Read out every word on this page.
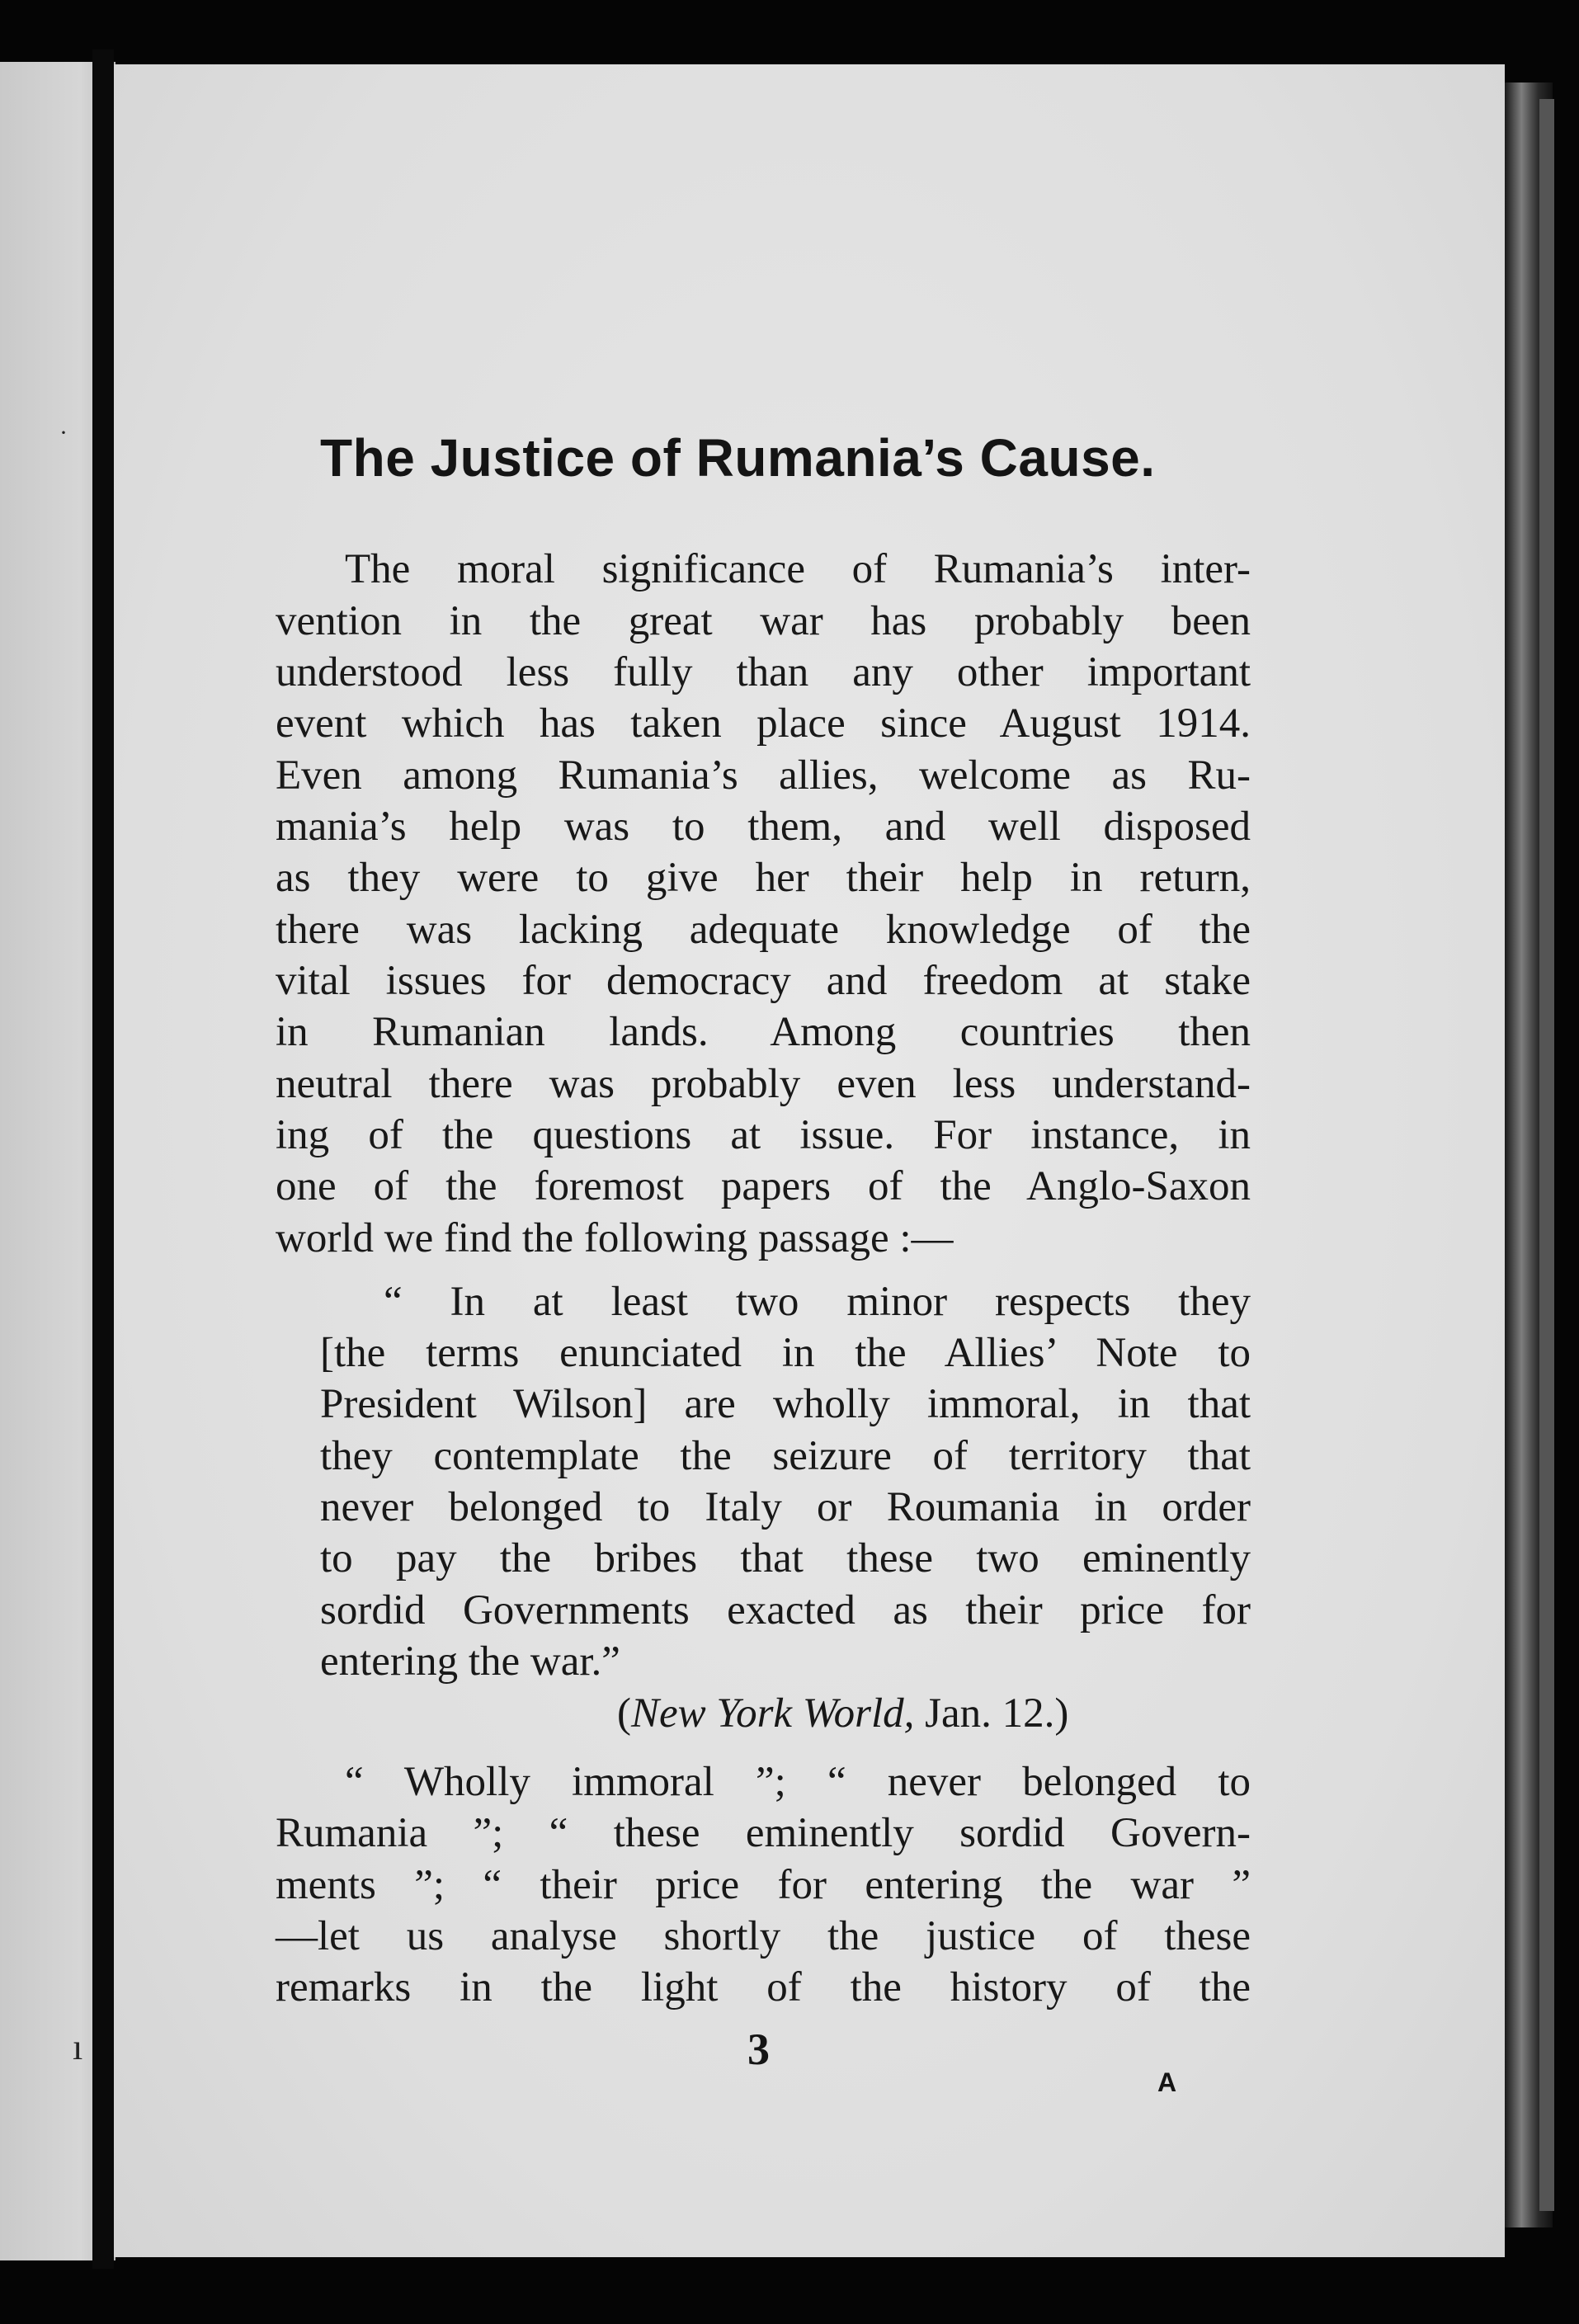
·
ı
The Justice of Rumania’s Cause.
The moral significance of Rumania’s inter-
vention in the great war has probably been
understood less fully than any other important
event which has taken place since August 1914.
Even among Rumania’s allies, welcome as Ru-
mania’s help was to them, and well disposed
as they were to give her their help in return,
there was lacking adequate knowledge of the
vital issues for democracy and freedom at stake
in Rumanian lands. Among countries then
neutral there was probably even less understand-
ing of the questions at issue. For instance, in
one of the foremost papers of the Anglo-Saxon
world we find the following passage :—
“ In at least two minor respects they
[the terms enunciated in the Allies’ Note to
President Wilson] are wholly immoral, in that
they contemplate the seizure of territory that
never belonged to Italy or Roumania in order
to pay the bribes that these two eminently
sordid Governments exacted as their price for
entering the war.”
(New York World, Jan. 12.)
“ Wholly immoral ”; “ never belonged to
Rumania ”; “ these eminently sordid Govern-
ments ”; “ their price for entering the war ”
—let us analyse shortly the justice of these
remarks in the light of the history of the
3
A
